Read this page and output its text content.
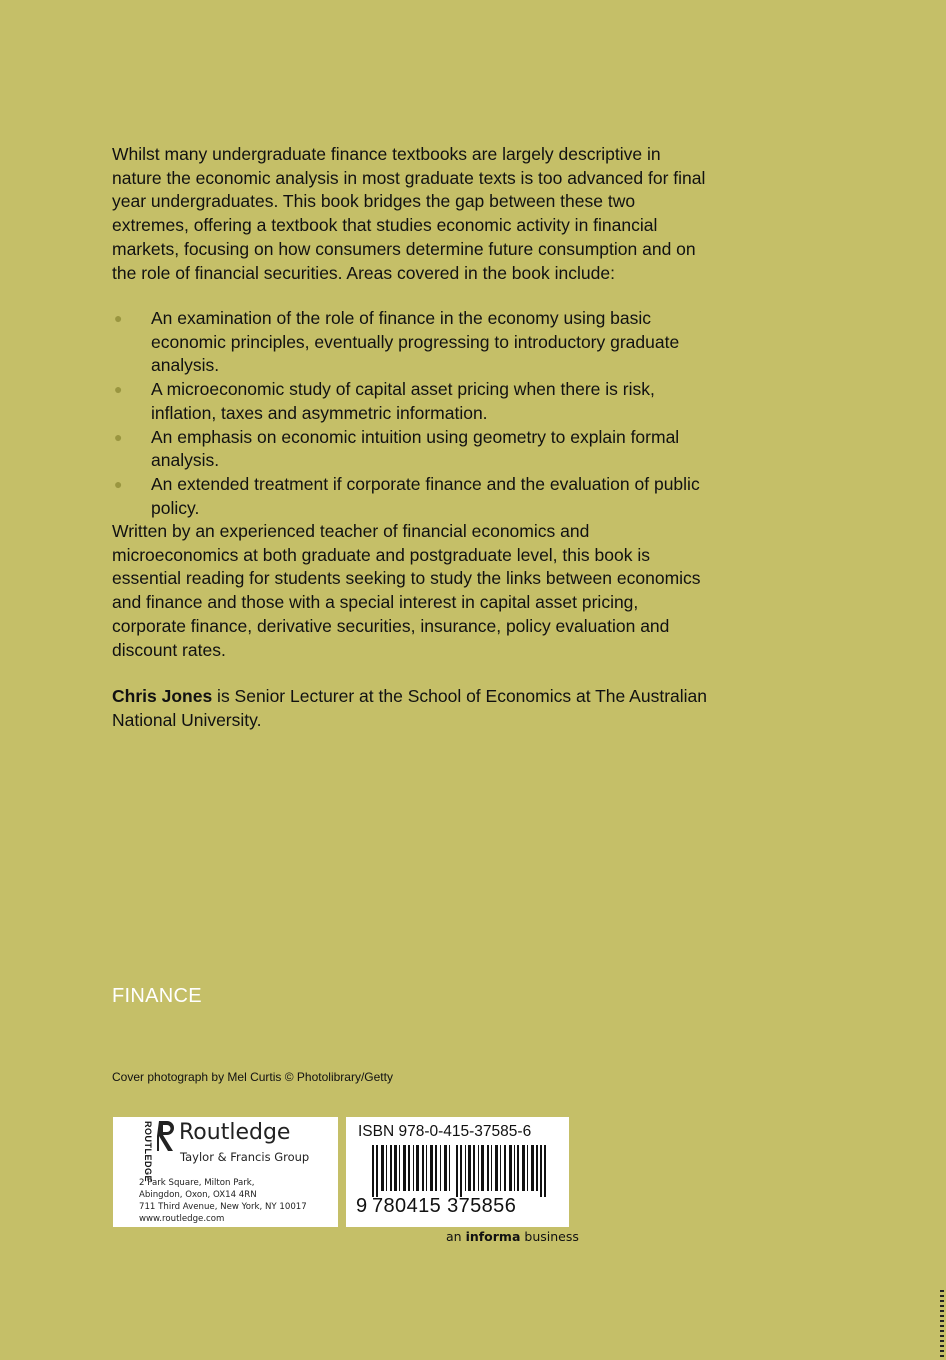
Whilst many undergraduate finance textbooks are largely descriptive in nature the economic analysis in most graduate texts is too advanced for final year undergraduates. This book bridges the gap between these two extremes, offering a textbook that studies economic activity in financial markets, focusing on how consumers determine future consumption and on the role of financial securities. Areas covered in the book include:

● An examination of the role of finance in the economy using basic economic principles, eventually progressing to introductory graduate analysis.
● A microeconomic study of capital asset pricing when there is risk, inflation, taxes and asymmetric information.
● An emphasis on economic intuition using geometry to explain formal analysis.
● An extended treatment if corporate finance and the evaluation of public policy.

Written by an experienced teacher of financial economics and microeconomics at both graduate and postgraduate level, this book is essential reading for students seeking to study the links between economics and finance and those with a special interest in capital asset pricing, corporate finance, derivative securities, insurance, policy evaluation and discount rates.

Chris Jones is Senior Lecturer at the School of Economics at The Australian National University.

FINANCE
Cover photograph by Mel Curtis © Photolibrary/Getty
ROUTLEDGE Routledge
Taylor & Francis Group
2 Park Square, Milton Park,
Abingdon, Oxon, OX14 4RN
711 Third Avenue, New York, NY 10017
www.routledge.com
ISBN 978-0-415-37585-6
9 780415 375856
an informa business
